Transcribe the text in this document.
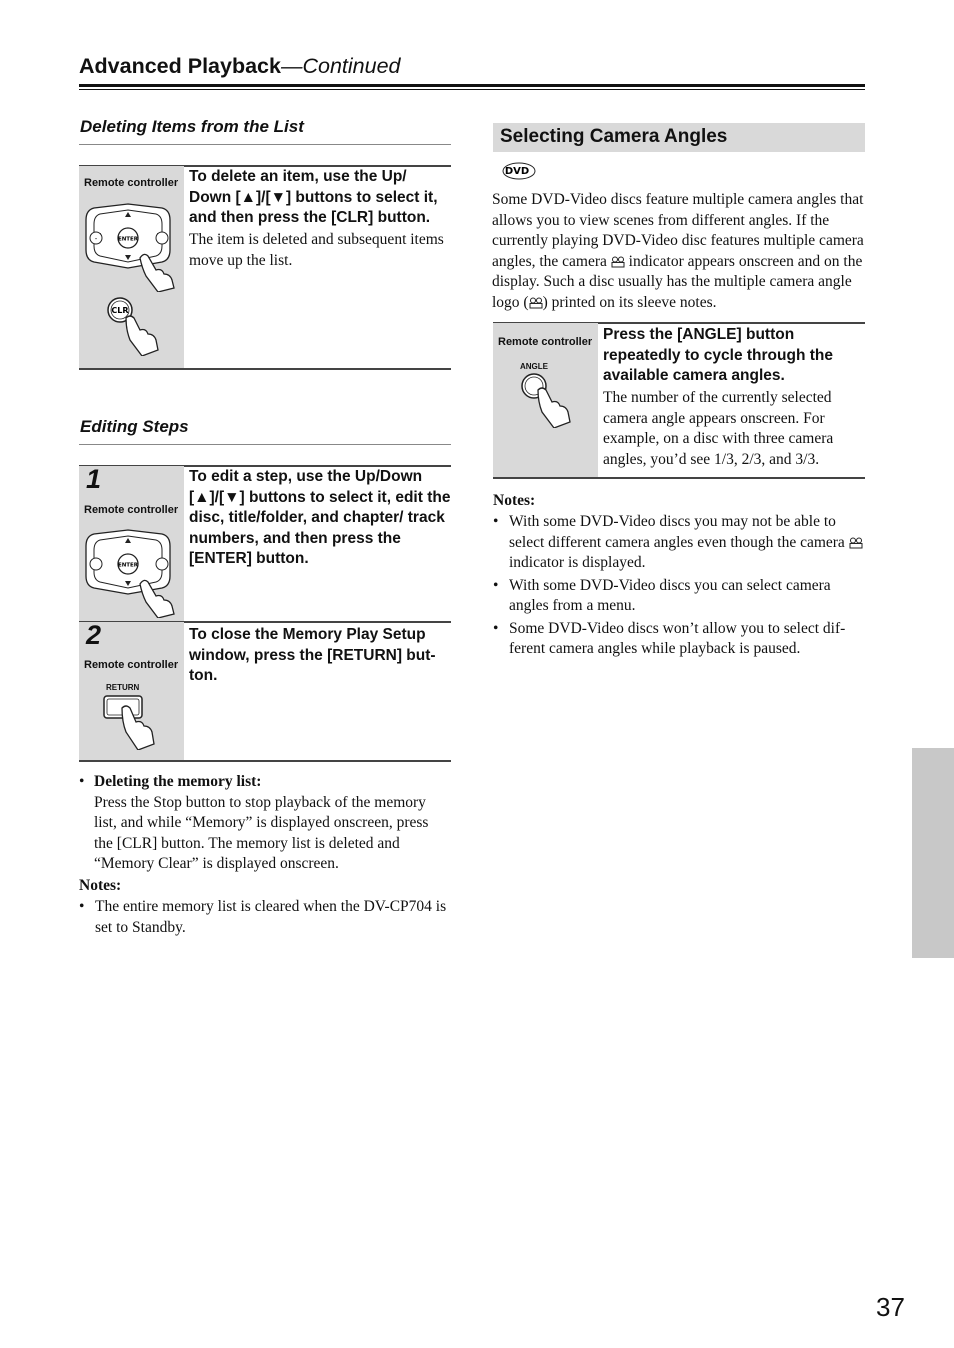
Advanced Playback—Continued
Deleting Items from the List
Remote controller
-	ENTER
CLR
To delete an item, use the Up/ Down [▲]/[▼] buttons to select it, and then press the [CLR] button.
The item is deleted and subsequent items move up the list.
Editing Steps
1
Remote controller
ENTER
To edit a step, use the Up/Down [▲]/[▼] buttons to select it, edit the disc, title/folder, and chapter/ track numbers, and then press the [ENTER] button.
2
Remote controller
RETURN
To close the Memory Play Setup window, press the [RETURN] but-ton.
• Deleting the memory list:
Press the Stop button to stop playback of the memory list, and while “Memory” is displayed onscreen, press the [CLR] button. The memory list is deleted and “Memory Clear” is displayed onscreen.
Notes:
• The entire memory list is cleared when the DV-CP704 is set to Standby.
Selecting Camera Angles
DVD
Some DVD-Video discs feature multiple camera angles that allows you to view scenes from different angles. If the currently playing DVD-Video disc features multiple camera angles, the camera indicator appears onscreen and on the display. Such a disc usually has the multiple camera angle logo ( ) printed on its sleeve notes.
Remote controller
ANGLE
Press the [ANGLE] button repeatedly to cycle through the available camera angles.
The number of the currently selected camera angle appears onscreen. For example, on a disc with three camera angles, you’d see 1/3, 2/3, and 3/3.
Notes:
• With some DVD-Video discs you may not be able to select different camera angles even though the camera  indicator is displayed.
• With some DVD-Video discs you can select camera angles from a menu.
• Some DVD-Video discs won’t allow you to select dif-ferent camera angles while playback is paused.
37
